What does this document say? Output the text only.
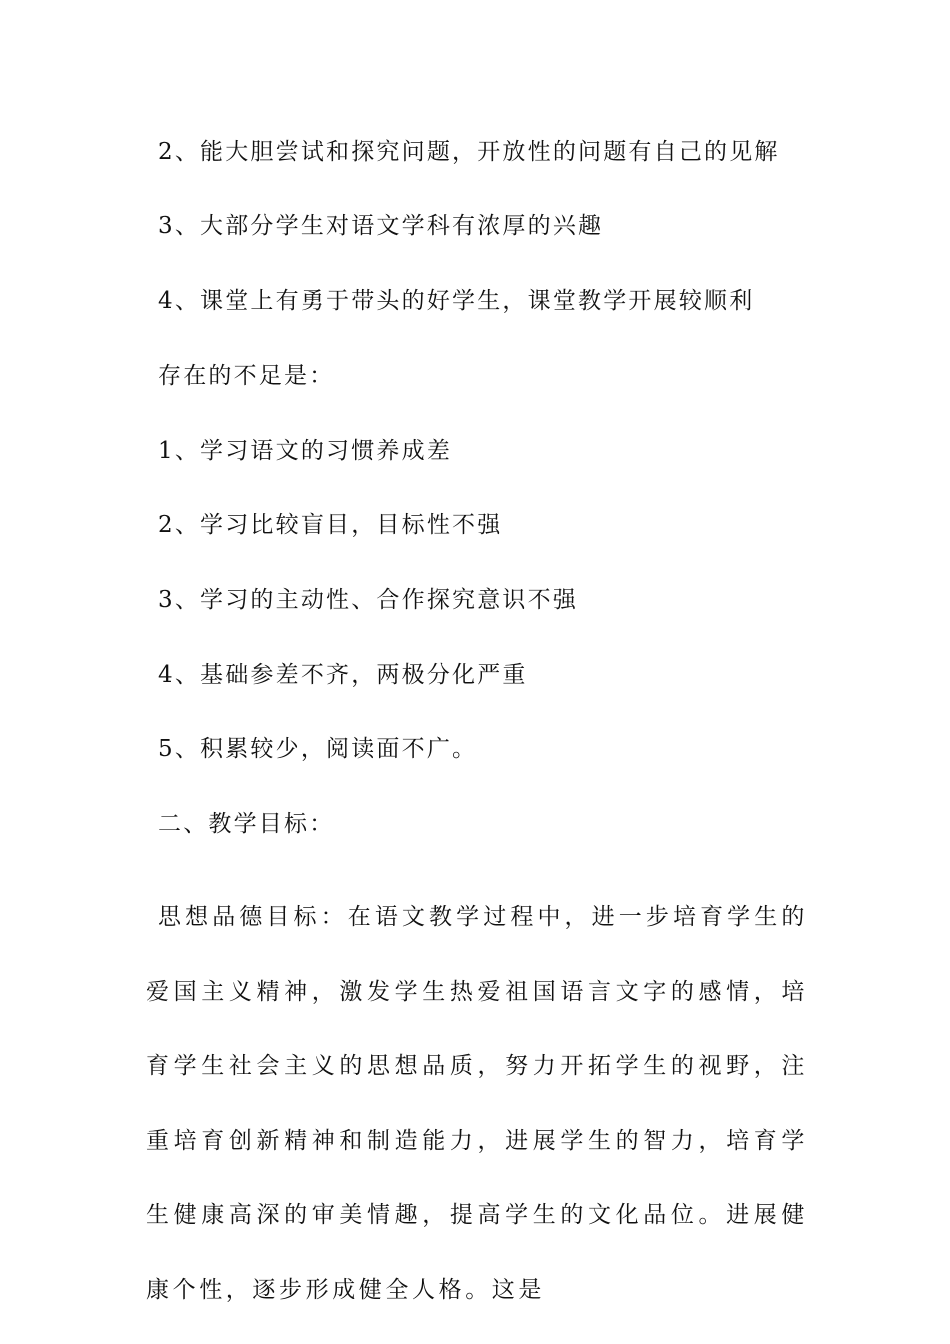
2、能大胆尝试和探究问题，开放性的问题有自己的见解
3、大部分学生对语文学科有浓厚的兴趣
4、课堂上有勇于带头的好学生，课堂教学开展较顺利
存在的不足是：
1、学习语文的习惯养成差
2、学习比较盲目，目标性不强
3、学习的主动性、合作探究意识不强
4、基础参差不齐，两极分化严重
5、积累较少，阅读面不广。
二、教学目标：
思想品德目标：在语文教学过程中，进一步培育学生的爱国主义精神，激发学生热爱祖国语言文字的感情，培育学生社会主义的思想品质，努力开拓学生的视野，注重培育创新精神和制造能力，进展学生的智力，培育学生健康高深的审美情趣，提高学生的文化品位。进展健康个性，逐步形成健全人格。这是
